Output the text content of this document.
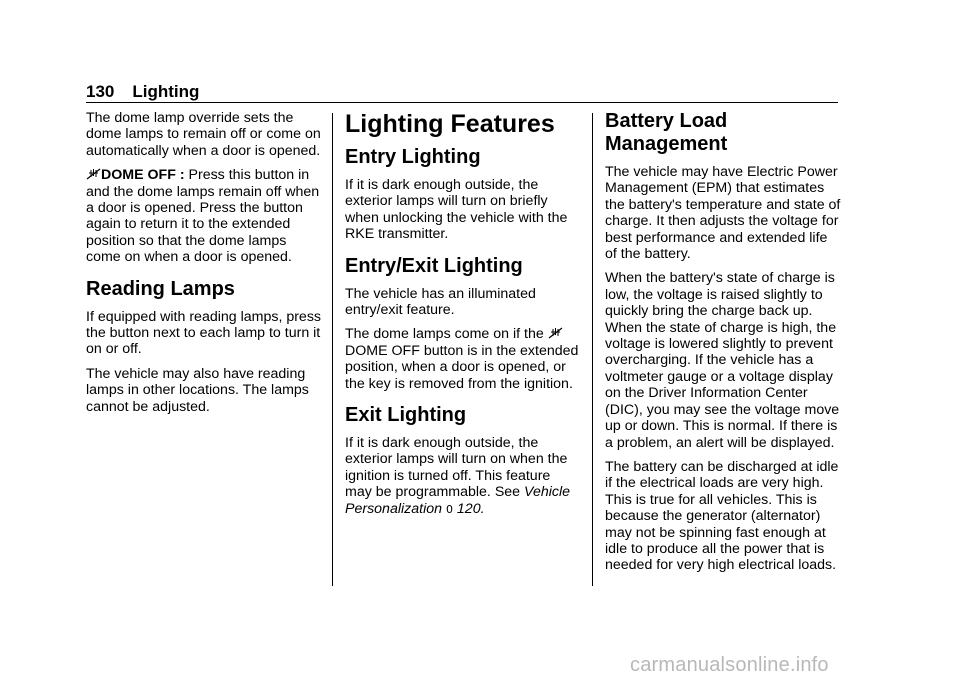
130 Lighting

The dome lamp override sets the dome lamps to remain off or come on automatically when a door is opened.

DOME OFF : Press this button in and the dome lamps remain off when a door is opened. Press the button again to return it to the extended position so that the dome lamps come on when a door is opened.

Reading Lamps

If equipped with reading lamps, press the button next to each lamp to turn it on or off.

The vehicle may also have reading lamps in other locations. The lamps cannot be adjusted.

Lighting Features
Entry Lighting

If it is dark enough outside, the exterior lamps will turn on briefly when unlocking the vehicle with the RKE transmitter.

Entry/Exit Lighting

The vehicle has an illuminated entry/exit feature.

The dome lamps come on if the  DOME OFF button is in the extended position, when a door is opened, or the key is removed from the ignition.

Exit Lighting

If it is dark enough outside, the exterior lamps will turn on when the ignition is turned off. This feature may be programmable. See Vehicle Personalization 0 120.

Battery Load Management

The vehicle may have Electric Power Management (EPM) that estimates the battery's temperature and state of charge. It then adjusts the voltage for best performance and extended life of the battery.

When the battery's state of charge is low, the voltage is raised slightly to quickly bring the charge back up. When the state of charge is high, the voltage is lowered slightly to prevent overcharging. If the vehicle has a voltmeter gauge or a voltage display on the Driver Information Center (DIC), you may see the voltage move up or down. This is normal. If there is a problem, an alert will be displayed.

The battery can be discharged at idle if the electrical loads are very high. This is true for all vehicles. This is because the generator (alternator) may not be spinning fast enough at idle to produce all the power that is needed for very high electrical loads.

carmanualsonline.info
